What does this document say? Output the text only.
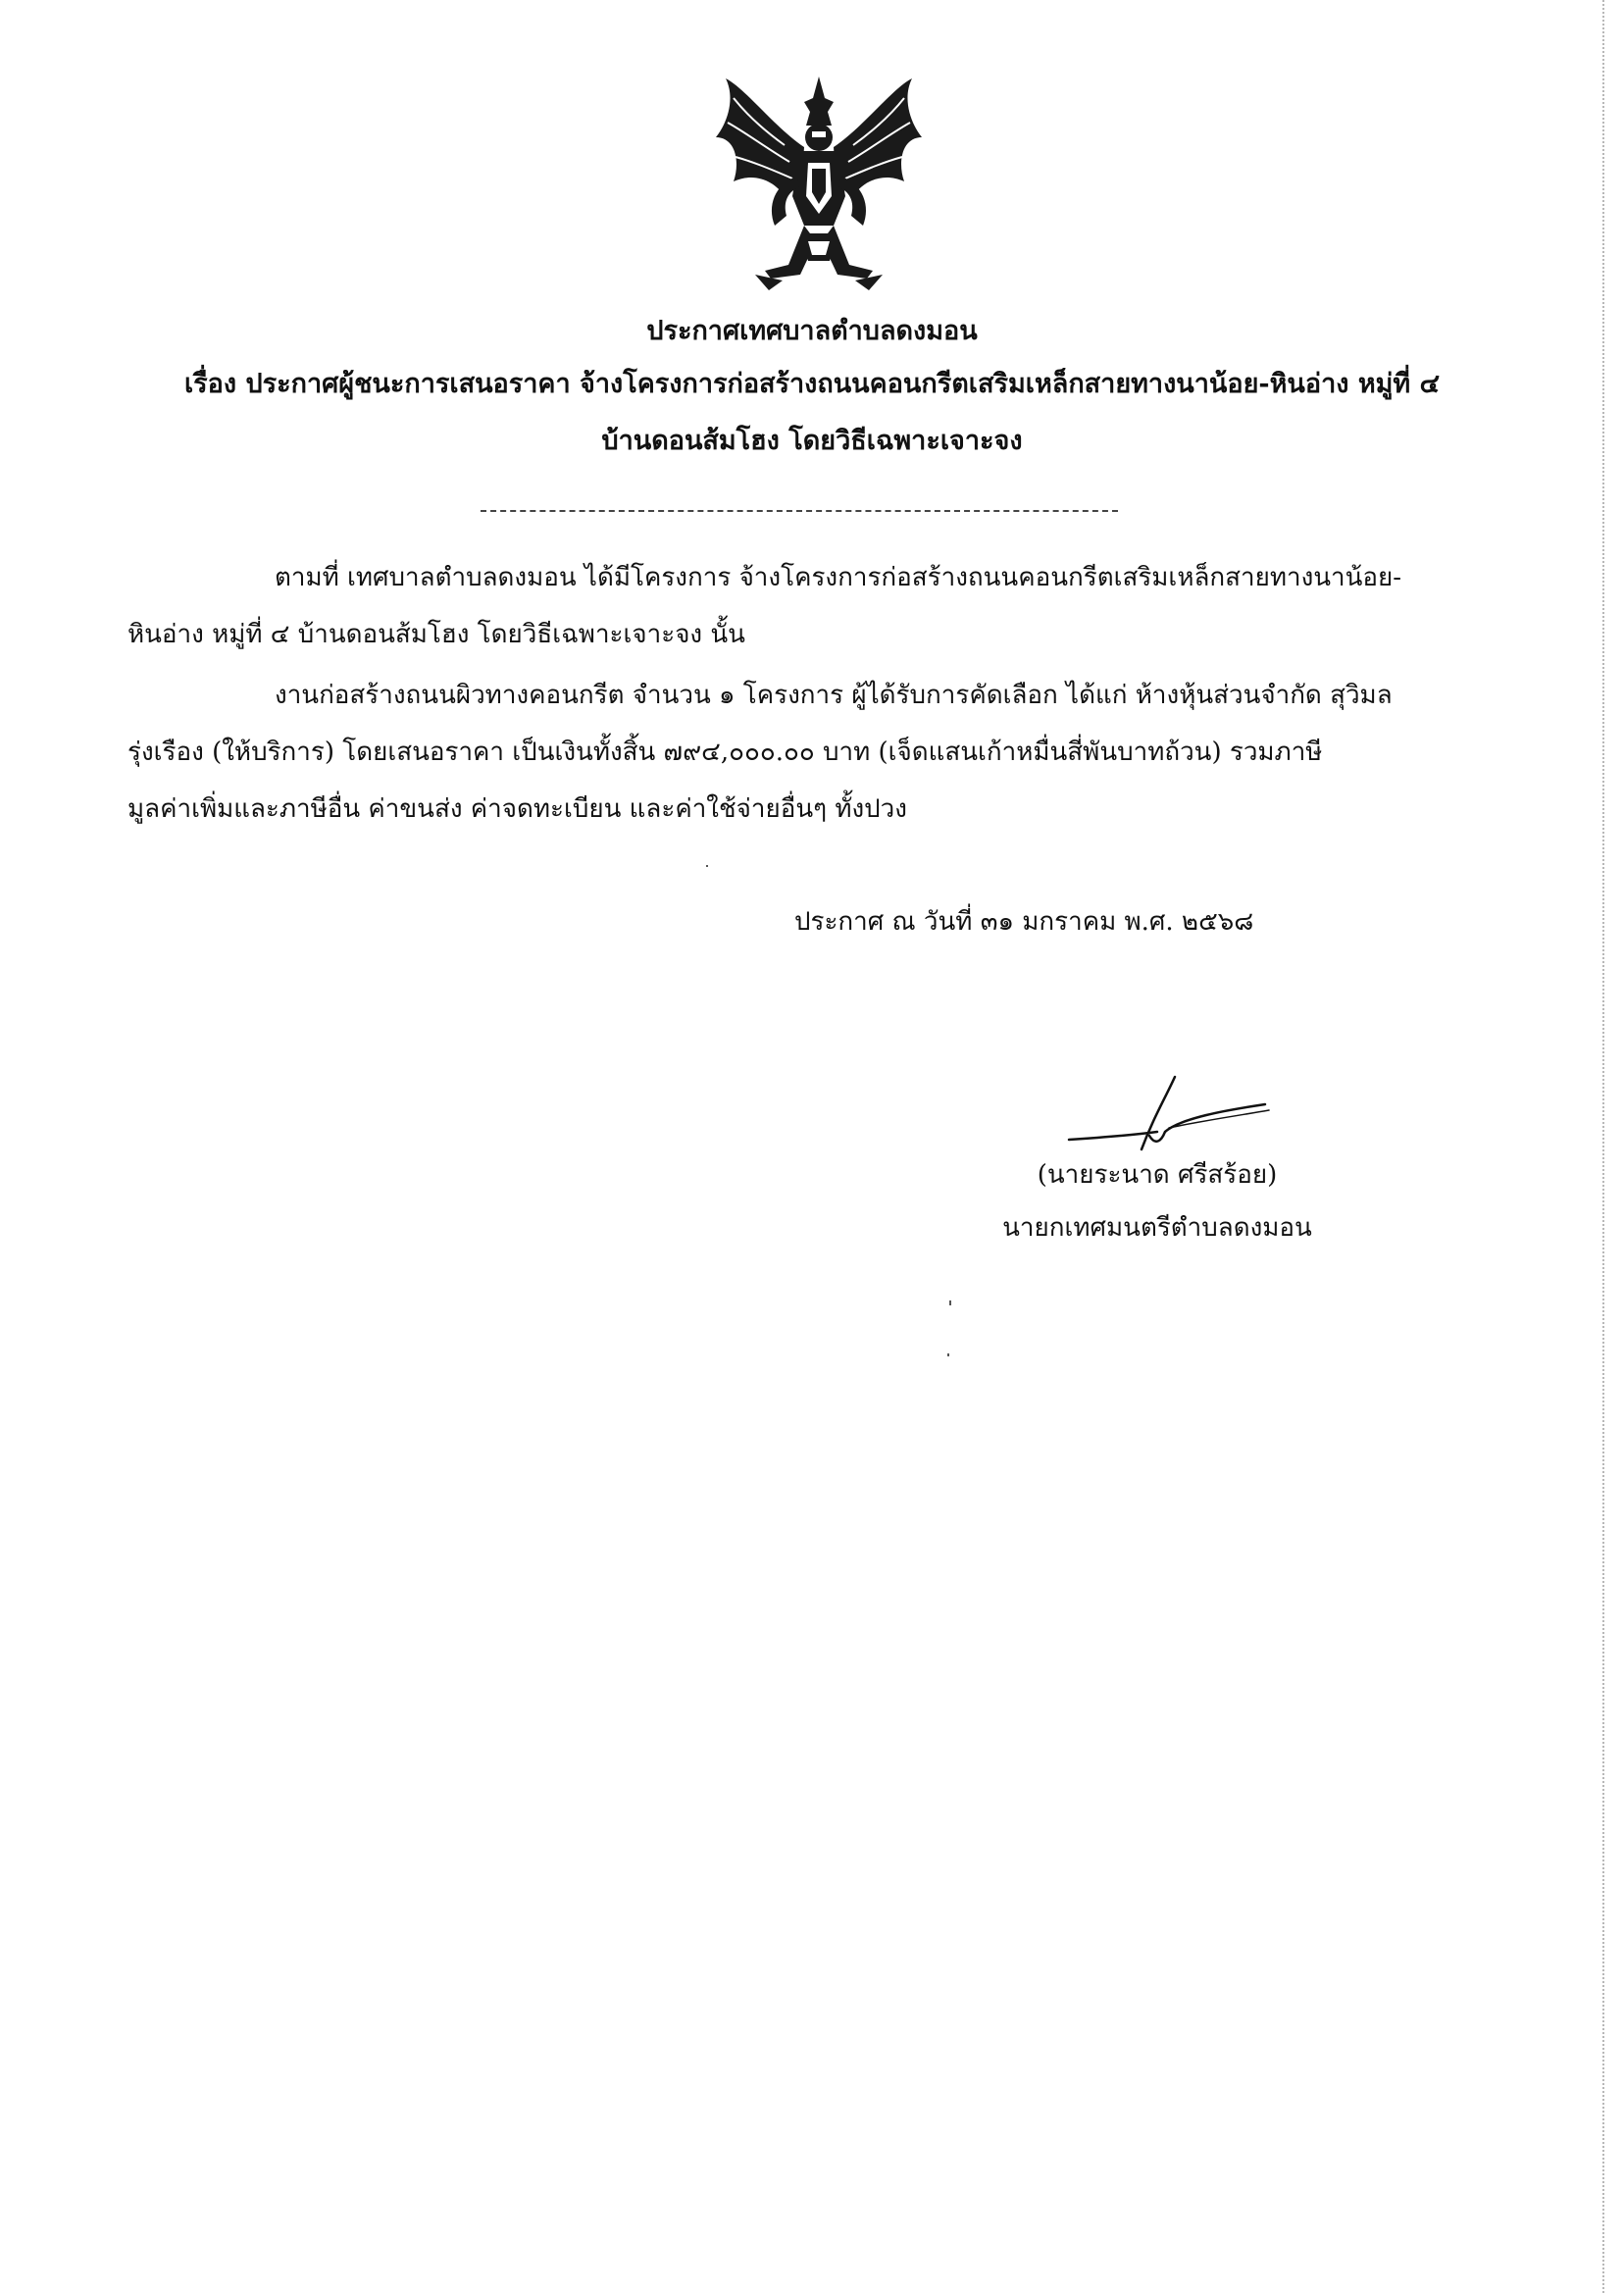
ประกาศเทศบาลตำบลดงมอน
เรื่อง ประกาศผู้ชนะการเสนอราคา จ้างโครงการก่อสร้างถนนคอนกรีตเสริมเหล็กสายทางนาน้อย-หินอ่าง หมู่ที่ ๔
บ้านดอนส้มโฮง โดยวิธีเฉพาะเจาะจง
ตามที่ เทศบาลตำบลดงมอน ได้มีโครงการ จ้างโครงการก่อสร้างถนนคอนกรีตเสริมเหล็กสายทางนาน้อย-
หินอ่าง หมู่ที่ ๔ บ้านดอนส้มโฮง โดยวิธีเฉพาะเจาะจง นั้น
งานก่อสร้างถนนผิวทางคอนกรีต จำนวน ๑ โครงการ ผู้ได้รับการคัดเลือก ได้แก่ ห้างหุ้นส่วนจำกัด สุวิมล
รุ่งเรือง (ให้บริการ) โดยเสนอราคา เป็นเงินทั้งสิ้น ๗๙๔,๐๐๐.๐๐ บาท (เจ็ดแสนเก้าหมื่นสี่พันบาทถ้วน) รวมภาษี
มูลค่าเพิ่มและภาษีอื่น ค่าขนส่ง ค่าจดทะเบียน และค่าใช้จ่ายอื่นๆ ทั้งปวง
ประกาศ ณ วันที่ ๓๑ มกราคม พ.ศ. ๒๕๖๘
(นายระนาด ศรีสร้อย)
นายกเทศมนตรีตำบลดงมอน
